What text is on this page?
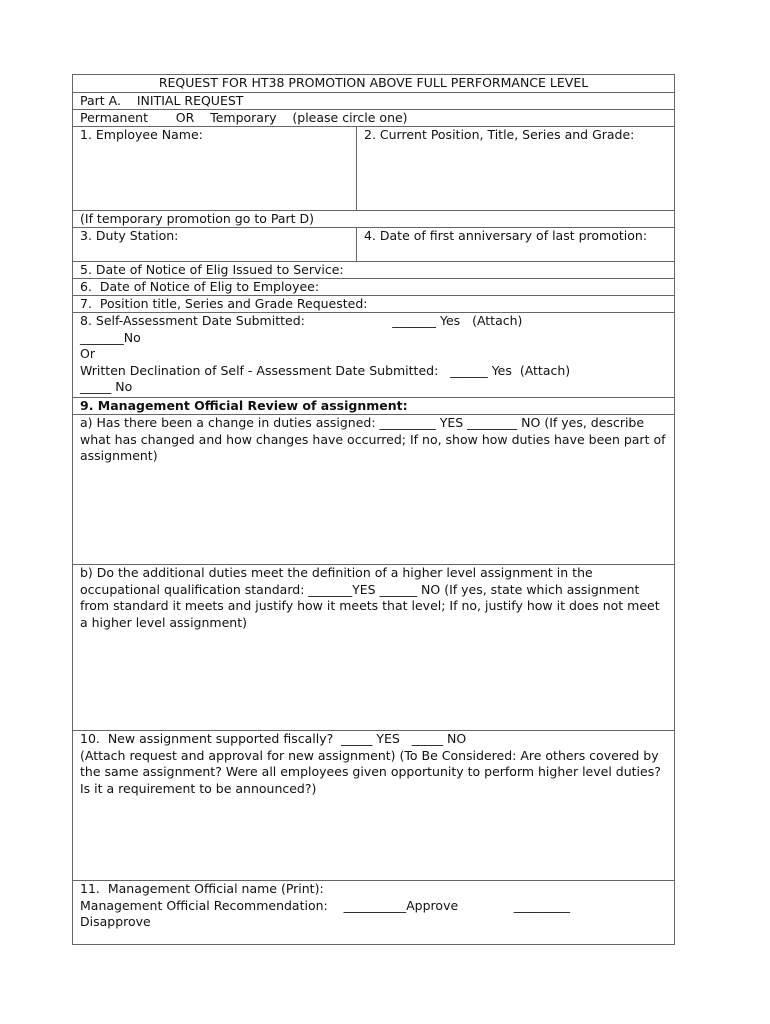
REQUEST FOR HT38 PROMOTION ABOVE FULL PERFORMANCE LEVEL
Part A.    INITIAL REQUEST
Permanent       OR    Temporary    (please circle one)
1. Employee Name:	2. Current Position, Title, Series and Grade:
(If temporary promotion go to Part D)
3. Duty Station:	4. Date of first anniversary of last promotion:
5. Date of Notice of Elig Issued to Service:
6.  Date of Notice of Elig to Employee:
7.  Position title, Series and Grade Requested:
8. Self-Assessment Date Submitted:                      _______ Yes   (Attach)
_______No
Or
Written Declination of Self - Assessment Date Submitted:   ______ Yes  (Attach)
_____ No
9. Management Official Review of assignment:
a) Has there been a change in duties assigned: _________ YES ________ NO (If yes, describe what has changed and how changes have occurred; If no, show how duties have been part of assignment)
b) Do the additional duties meet the definition of a higher level assignment in the occupational qualification standard: _______YES ______ NO (If yes, state which assignment from standard it meets and justify how it meets that level; If no, justify how it does not meet a higher level assignment)
10.  New assignment supported fiscally?  _____ YES   _____ NO
(Attach request and approval for new assignment) (To Be Considered: Are others covered by the same assignment? Were all employees given opportunity to perform higher level duties? Is it a requirement to be announced?)
11.  Management Official name (Print):
Management Official Recommendation:    __________Approve              _________
Disapprove
